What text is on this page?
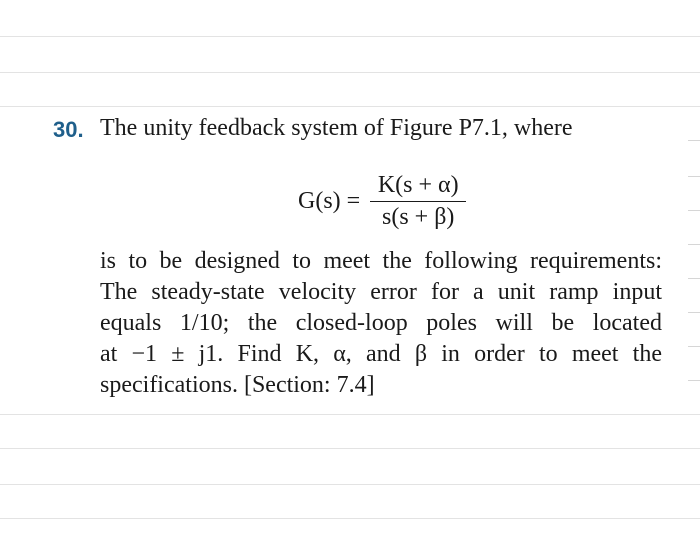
30. The unity feedback system of Figure P7.1, where
$G(s) = \frac{K(s + \alpha)}{s(s + \beta)}$
is to be designed to meet the following requirements:
The steady-state velocity error for a unit ramp input
equals 1/10; the closed-loop poles will be located
at −1 ± j1. Find K, α, and β in order to meet the
specifications. [Section: 7.4]
